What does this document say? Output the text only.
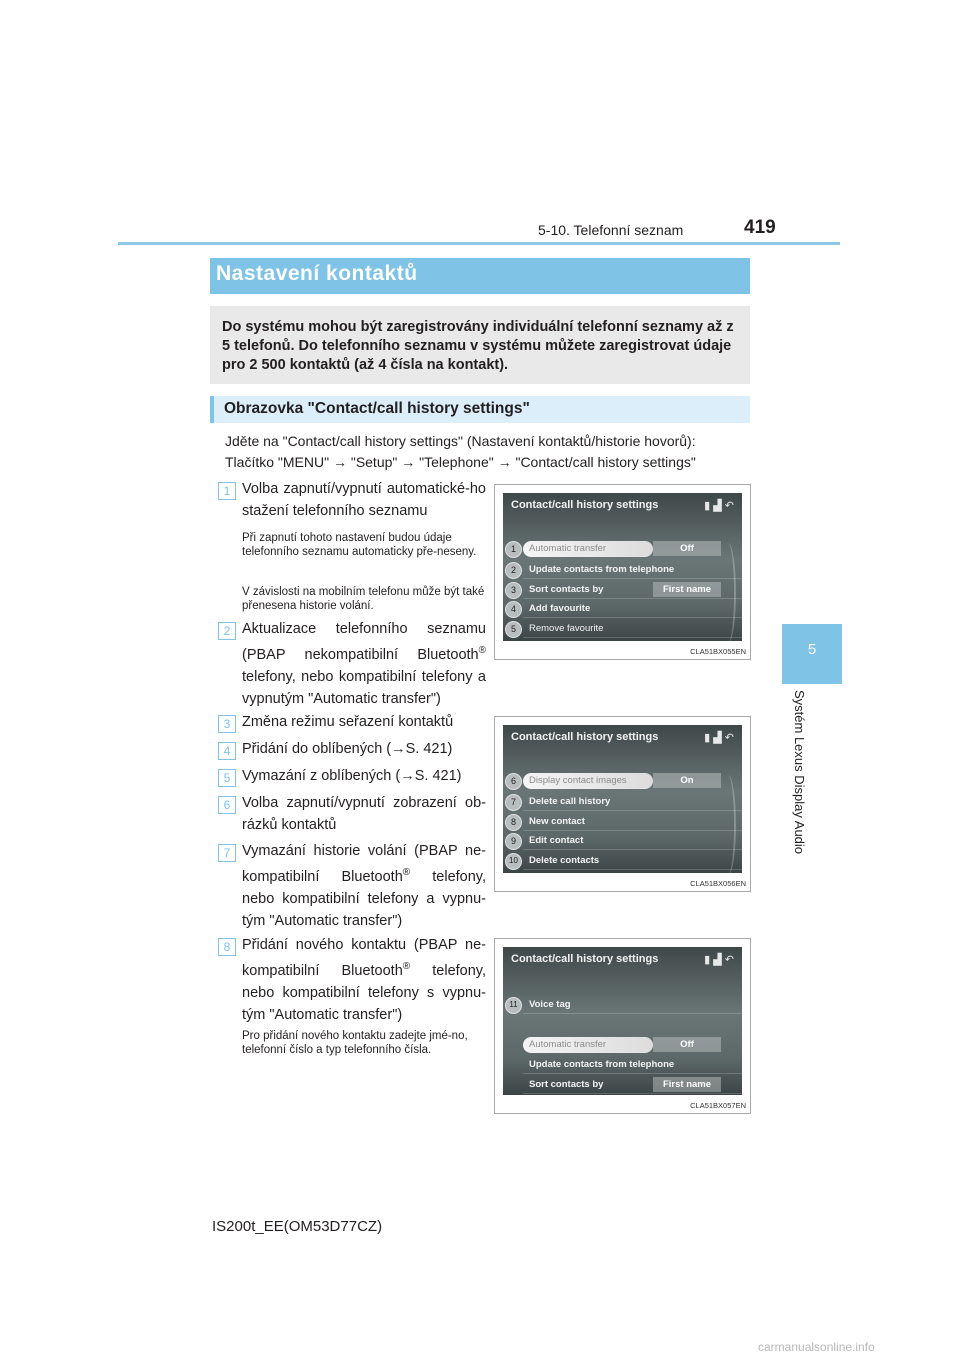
5-10. Telefonní seznam	419
5
Systém Lexus Display Audio
Nastavení kontaktů

Do systému mohou být zaregistrovány individuální telefonní seznamy až z 5 telefonů. Do telefonního seznamu v systému můžete zaregistrovat údaje pro 2 500 kontaktů (až 4 čísla na kontakt).

Obrazovka "Contact/call history settings"

Jděte na "Contact/call history settings" (Nastavení kontaktů/historie hovorů):

Tlačítko "MENU" → "Setup" → "Telephone" → "Contact/call history settings"

1 Volba zapnutí/vypnutí automatické-ho stažení telefonního seznamu
Při zapnutí tohoto nastavení budou údaje telefonního seznamu automaticky pře-neseny.
V závislosti na mobilním telefonu může být také přenesena historie volání.
2 Aktualizace telefonního seznamu (PBAP nekompatibilní Bluetooth® telefony, nebo kompatibilní telefony a vypnutým "Automatic transfer")
3 Změna režimu seřazení kontaktů
4 Přidání do oblíbených (→S. 421)
5 Vymazání z oblíbených (→S. 421)
6 Volba zapnutí/vypnutí zobrazení ob-rázků kontaktů
7 Vymazání historie volání (PBAP ne-kompatibilní Bluetooth® telefony, nebo kompatibilní telefony a vypnu-tým "Automatic transfer")
8 Přidání nového kontaktu (PBAP ne-kompatibilní Bluetooth® telefony, nebo kompatibilní telefony s vypnu-tým "Automatic transfer")
Pro přidání nového kontaktu zadejte jmé-no, telefonní číslo a typ telefonního čísla.
Contact/call history settings	▮ ▟ ↶
1	Automatic transfer	Off
2	Update contacts from telephone
3	Sort contacts by	First name
4	Add favourite
5	Remove favourite
CLA51BX055EN
Contact/call history settings	▮ ▟ ↶
6	Display contact images	On
7	Delete call history
8	New contact
9	Edit contact
10	Delete contacts
CLA51BX056EN
Contact/call history settings	▮ ▟ ↶
11	Voice tag
Automatic transfer	Off
Update contacts from telephone
Sort contacts by	First name
CLA51BX057EN
IS200t_EE(OM53D77CZ)
carmanualsonline.info
